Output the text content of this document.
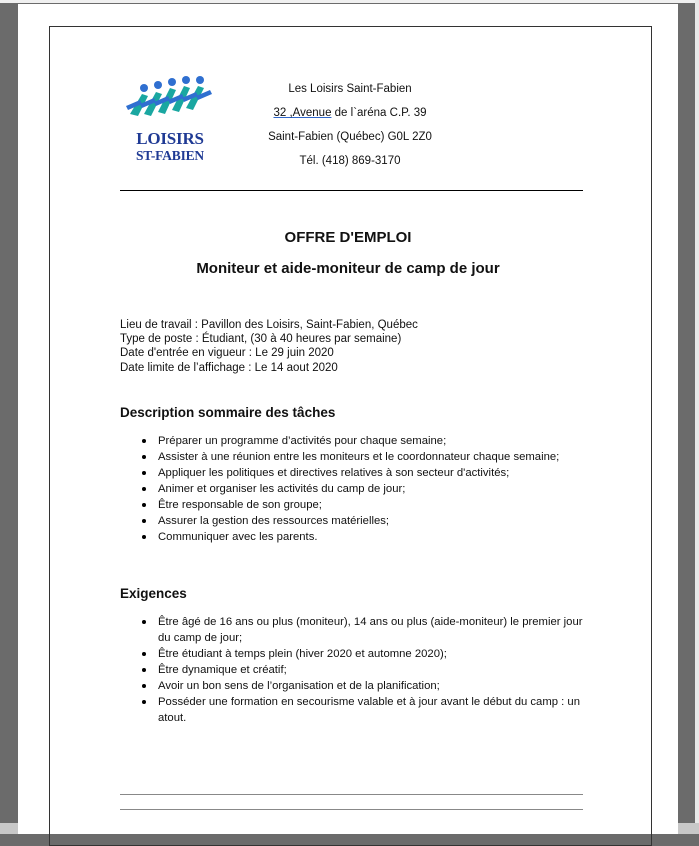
LOISIRS
ST-FABIEN
Les Loisirs Saint-Fabien
32 ,Avenue de l`aréna C.P. 39
Saint-Fabien (Québec) G0L 2Z0
Tél. (418) 869-3170
OFFRE D'EMPLOI
Moniteur et aide-moniteur de camp de jour
Lieu de travail : Pavillon des Loisirs, Saint-Fabien, Québec
Type de poste : Étudiant, (30 à 40 heures par semaine)
Date d'entrée en vigueur : Le 29 juin 2020
Date limite de l’affichage : Le 14 aout 2020
Description sommaire des tâches
Préparer un programme d’activités pour chaque semaine;
Assister à une réunion entre les moniteurs et le coordonnateur chaque semaine;
Appliquer les politiques et directives relatives à son secteur d'activités;
Animer et organiser les activités du camp de jour;
Être responsable de son groupe;
Assurer la gestion des ressources matérielles;
Communiquer avec les parents.
Exigences
Être âgé de 16 ans ou plus (moniteur), 14 ans ou plus (aide-moniteur) le premier jour du camp de jour;
Être étudiant à temps plein (hiver 2020 et automne 2020);
Être dynamique et créatif;
Avoir un bon sens de l’organisation et de la planification;
Posséder une formation en secourisme valable et à jour avant le début du camp : un atout.
